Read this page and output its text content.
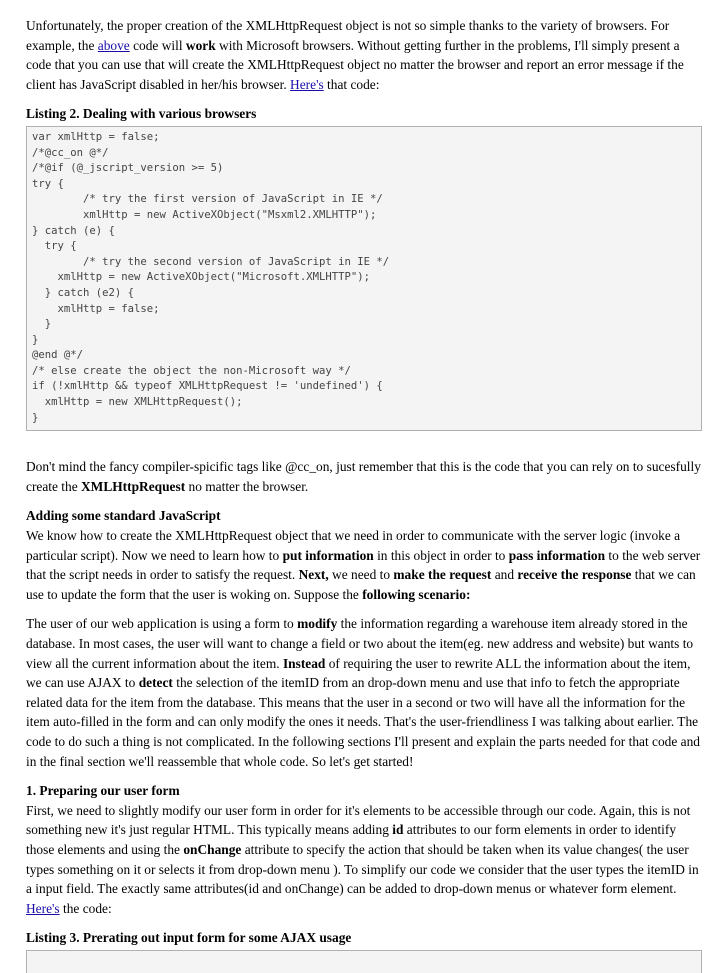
Unfortunately, the proper creation of the XMLHttpRequest object is not so simple thanks to the variety of browsers. For example, the above code will work with Microsoft browsers. Without getting further in the problems, I'll simply present a code that you can use that will create the XMLHttpRequest object no matter the browser and report an error message if the client has JavaScript disabled in her/his browser. Here's that code:

Listing 2. Dealing with various browsers

var xmlHttp = false;
/*@cc_on @*/
/*@if (@_jscript_version >= 5)
try {
/* try the first version of JavaScript in IE */
xmlHttp = new ActiveXObject("Msxml2.XMLHTTP");
} catch (e) {
try {
/* try the second version of JavaScript in IE */
xmlHttp = new ActiveXObject("Microsoft.XMLHTTP");
} catch (e2) {
xmlHttp = false;
}
}
@end @*/
/* else create the object the non-Microsoft way */
if (!xmlHttp && typeof XMLHttpRequest != 'undefined') {
xmlHttp = new XMLHttpRequest();
}

Don't mind the fancy compiler-spicific tags like @cc_on, just remember that this is the code that you can rely on to sucesfully create the XMLHttpRequest no matter the browser.

Adding some standard JavaScript

We know how to create the XMLHttpRequest object that we need in order to communicate with the server logic (invoke a particular script). Now we need to learn how to put information in this object in order to pass information to the web server that the script needs in order to satisfy the request. Next, we need to make the request and receive the response that we can use to update the form that the user is woking on. Suppose the following scenario:

The user of our web application is using a form to modify the information regarding a warehouse item already stored in the database. In most cases, the user will want to change a field or two about the item(eg. new address and website) but wants to view all the current information about the item. Instead of requiring the user to rewrite ALL the information about the item, we can use AJAX to detect the selection of the itemID from an drop-down menu and use that info to fetch the appropriate related data for the item from the database. This means that the user in a second or two will have all the information for the item auto-filled in the form and can only modify the ones it needs. That's the user-friendliness I was talking about earlier. The code to do such a thing is not complicated. In the following sections I'll present and explain the parts needed for that code and in the final section we'll reassemble that whole code. So let's get started!

1. Preparing our user form

First, we need to slightly modify our user form in order for it's elements to be accessible through our code. Again, this is not something new it's just regular HTML. This typically means adding id attributes to our form elements in order to identify those elements and using the onChange attribute to specify the action that should be taken when its value changes( the user types something on it or selects it from drop-down menu ). To simplify our code we consider that the user types the itemID in a input field. The exactly same attributes(id and onChange) can be added to drop-down menus or whatever form element. Here's the code:

Listing 3. Prerating out input form for some AJAX usage
